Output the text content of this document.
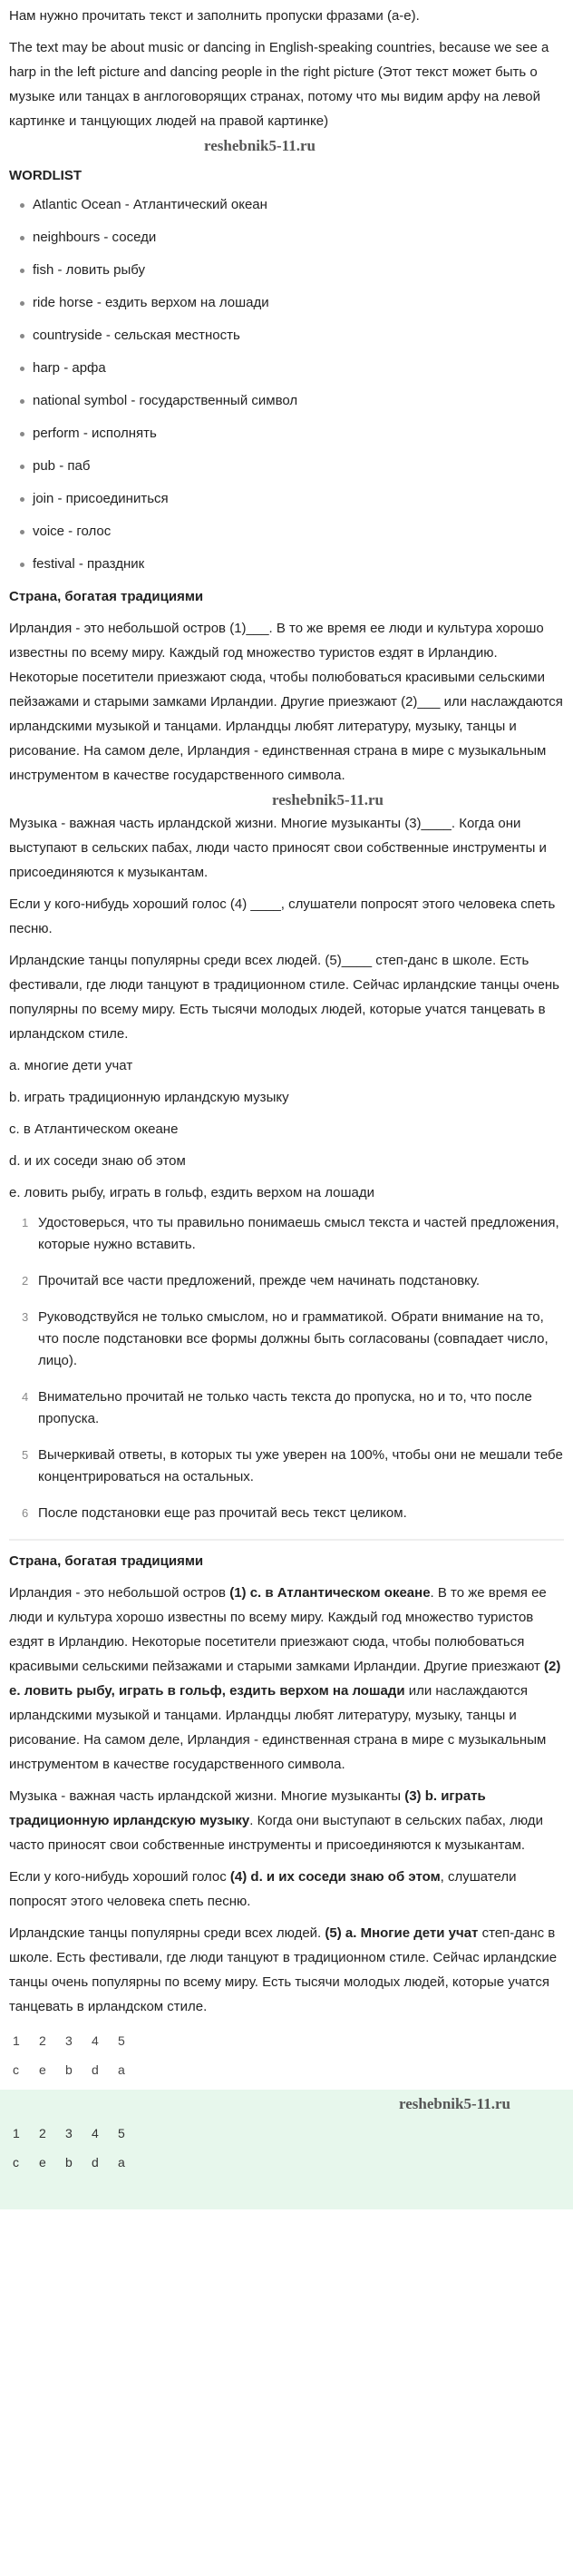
Нам нужно прочитать текст и заполнить пропуски фразами (a-e).

The text may be about music or dancing in English-speaking countries, because we see a harp in the left picture and dancing people in the right picture (Этот текст может быть о музыке или танцах в англоговорящих странах, потому что мы видим арфу на левой картинке и танцующих людей на правой картинке)

reshebnik5-11.ru
WORDLIST
Atlantic Ocean - Атлантический океан
neighbours - соседи
fish - ловить рыбу
ride horse - ездить верхом на лошади
countryside - сельская местность
harp - арфа
national symbol - государственный символ
perform - исполнять
pub - паб
join - присоединиться
voice - голос
festival - праздник
Страна, богатая традициями

Ирландия - это небольшой остров (1)___. В то же время ее люди и культура хорошо известны по всему миру. Каждый год множество туристов ездят в Ирландию. Некоторые посетители приезжают сюда, чтобы полюбоваться красивыми сельскими пейзажами и старыми замками Ирландии. Другие приезжают (2)___ или наслаждаются ирландскими музыкой и танцами. Ирландцы любят литературу, музыку, танцы и рисование. На самом деле, Ирландия - единственная страна в мире с музыкальным инструментом в качестве государственного символа.

reshebnik5-11.ru

Музыка - важная часть ирландской жизни. Многие музыканты (3)____. Когда они выступают в сельских пабах, люди часто приносят свои собственные инструменты и присоединяются к музыкантам.

Если у кого-нибудь хороший голос (4) ____, слушатели попросят этого человека спеть песню.

Ирландские танцы популярны среди всех людей. (5)____ степ-данс в школе. Есть фестивали, где люди танцуют в традиционном стиле. Сейчас ирландские танцы очень популярны по всему миру. Есть тысячи молодых людей, которые учатся танцевать в ирландском стиле.

a. многие дети учат

b. играть традиционную ирландскую музыку

c. в Атлантическом океане

d. и их соседи знаю об этом

e. ловить рыбу, играть в гольф, ездить верхом на лошади

1 Удостоверься, что ты правильно понимаешь смысл текста и частей предложения, которые нужно вставить.
2 Прочитай все части предложений, прежде чем начинать подстановку.
3 Руководствуйся не только смыслом, но и грамматикой. Обрати внимание на то, что после подстановки все формы должны быть согласованы (совпадает число, лицо).
4 Внимательно прочитай не только часть текста до пропуска, но и то, что после пропуска.
5 Вычеркивай ответы, в которых ты уже уверен на 100%, чтобы они не мешали тебе концентрироваться на остальных.
6 После подстановки еще раз прочитай весь текст целиком.
Страна, богатая традициями

Ирландия - это небольшой остров (1) c. в Атлантическом океане. В то же время ее люди и культура хорошо известны по всему миру. Каждый год множество туристов ездят в Ирландию. Некоторые посетители приезжают сюда, чтобы полюбоваться красивыми сельскими пейзажами и старыми замками Ирландии. Другие приезжают (2) e. ловить рыбу, играть в гольф, ездить верхом на лошади или наслаждаются ирландскими музыкой и танцами. Ирландцы любят литературу, музыку, танцы и рисование. На самом деле, Ирландия - единственная страна в мире с музыкальным инструментом в качестве государственного символа.

Музыка - важная часть ирландской жизни. Многие музыканты (3) b. играть традиционную ирландскую музыку. Когда они выступают в сельских пабах, люди часто приносят свои собственные инструменты и присоединяются к музыкантам.

Если у кого-нибудь хороший голос (4) d. и их соседи знаю об этом, слушатели попросят этого человека спеть песню.

Ирландские танцы популярны среди всех людей. (5) a. Многие дети учат степ-данс в школе. Есть фестивали, где люди танцуют в традиционном стиле. Сейчас ирландские танцы очень популярны по всему миру. Есть тысячи молодых людей, которые учатся танцевать в ирландском стиле.

1	2	3	4	5
c	e	b	d	a
reshebnik5-11.ru
1	2	3	4	5
c	e	b	d	a
